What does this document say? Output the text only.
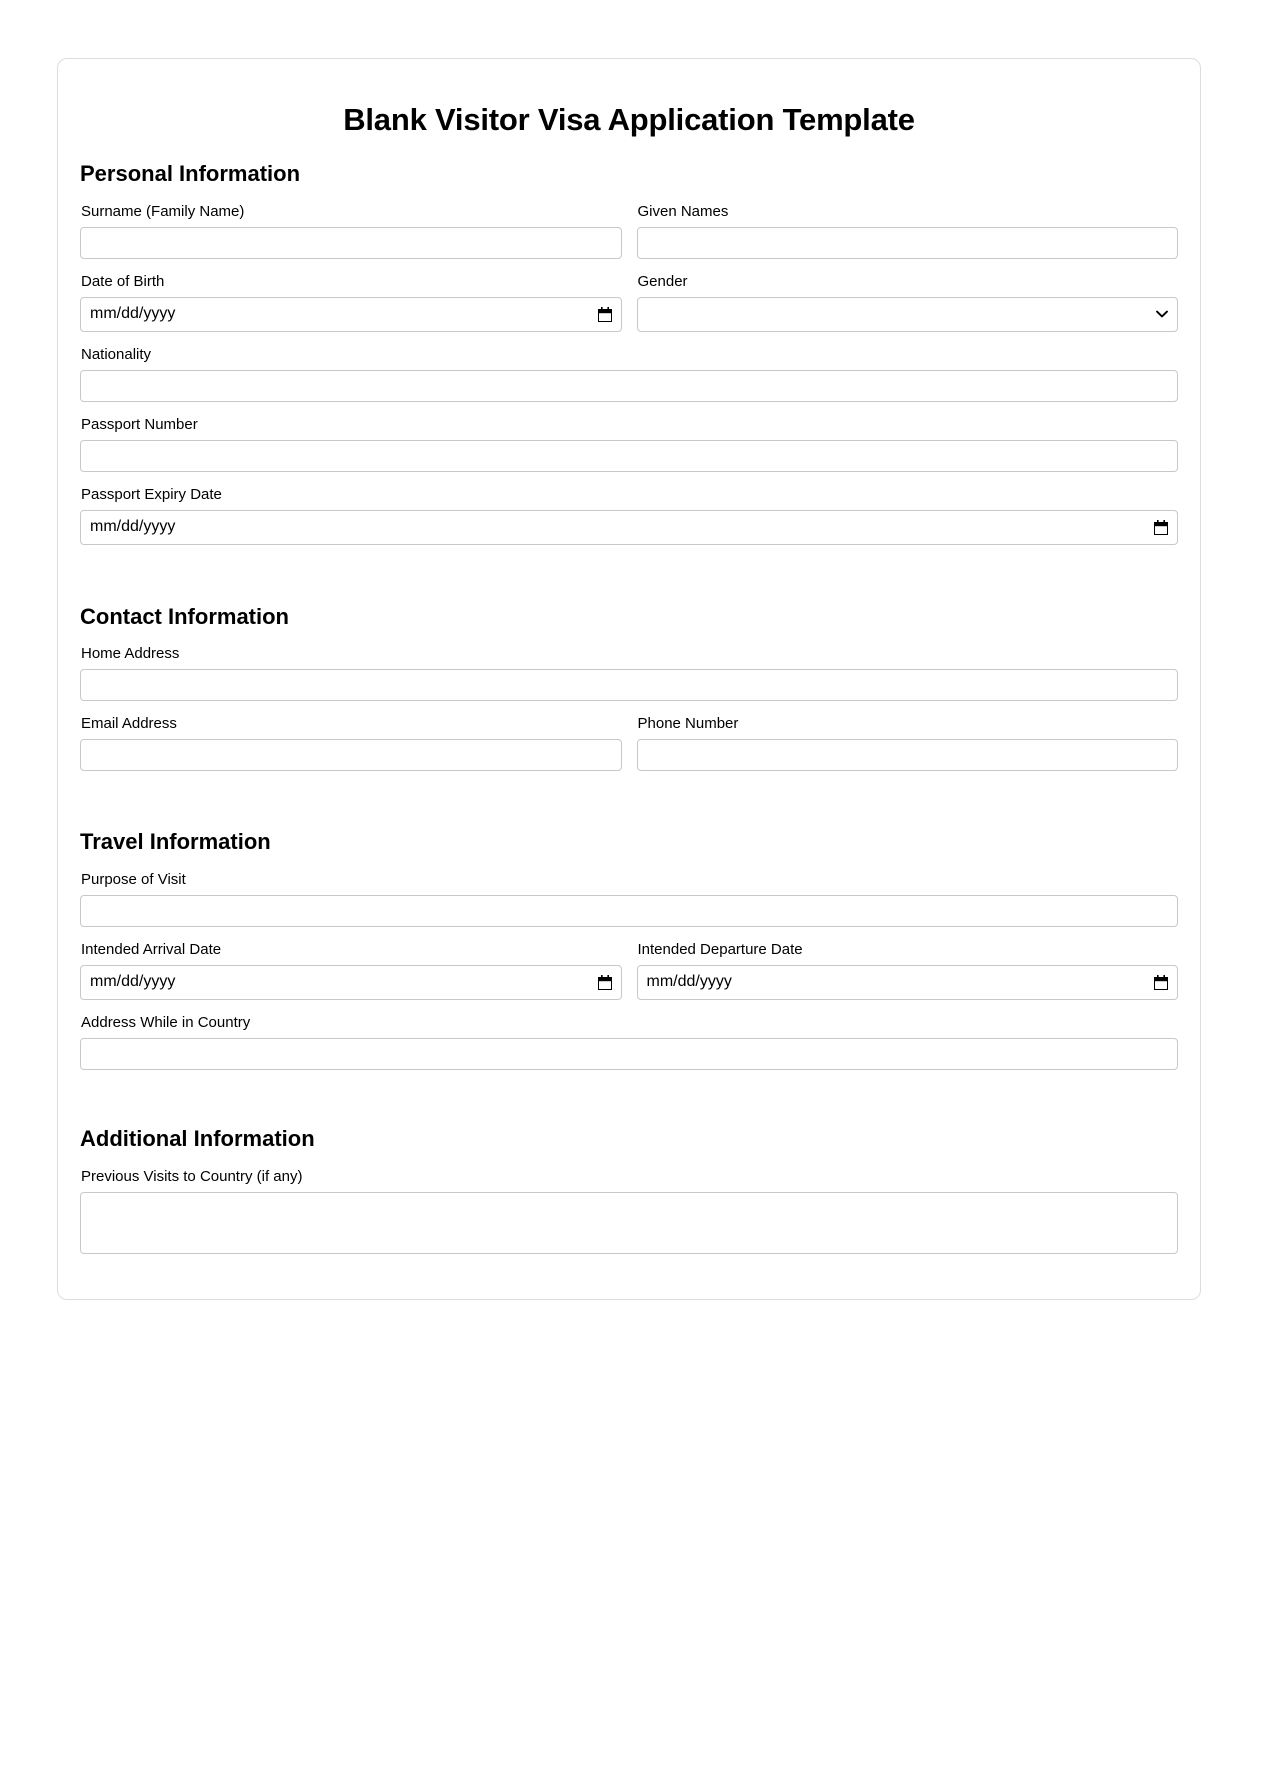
Blank Visitor Visa Application Template
Personal Information
Surname (Family Name)	Given Names
Date of Birth
mm/dd/yyyy
Gender
Nationality
Passport Number
Passport Expiry Date
mm/dd/yyyy
Contact Information
Home Address
Email Address	Phone Number
Travel Information
Purpose of Visit
Intended Arrival Date
mm/dd/yyyy
Intended Departure Date
mm/dd/yyyy
Address While in Country
Additional Information
Previous Visits to Country (if any)
